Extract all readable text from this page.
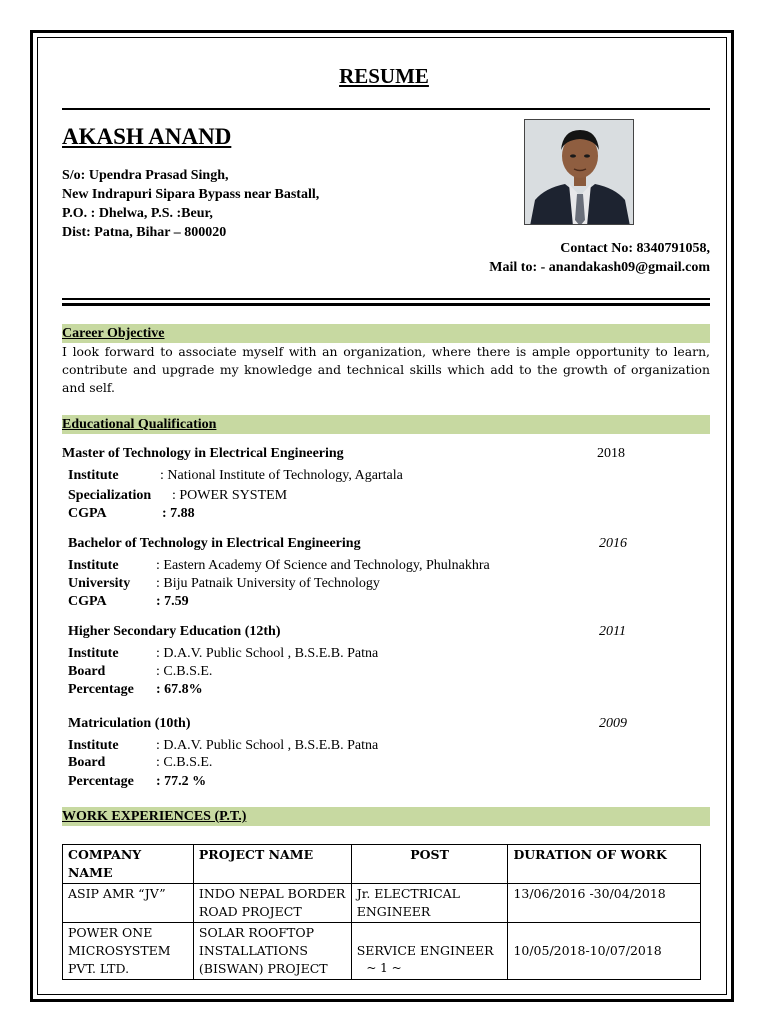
RESUME
AKASH ANAND
S/o: Upendra Prasad Singh,
New Indrapuri Sipara Bypass near Bastall,
P.O. : Dhelwa, P.S. :Beur,
Dist: Patna, Bihar – 800020
Contact No: 8340791058,
Mail to: - anandakash09@gmail.com
Career Objective
I look forward to associate myself with an organization, where there is ample opportunity to learn, contribute and upgrade my knowledge and technical skills which add to the growth of organization and self.
Educational Qualification
Master of Technology in Electrical Engineering	2018
Institute	: National Institute of Technology, Agartala
Specialization : POWER SYSTEM
CGPA	: 7.88
Bachelor of Technology in Electrical Engineering	2016
Institute	: Eastern Academy Of Science and Technology, Phulnakhra
University : Biju Patnaik University of Technology
CGPA	: 7.59
Higher Secondary Education (12th)	2011
Institute	: D.A.V. Public School , B.S.E.B. Patna
Board	: C.B.S.E.
Percentage : 67.8%
Matriculation (10th)	2009
Institute	: D.A.V. Public School , B.S.E.B. Patna
Board	: C.B.S.E.
Percentage : 77.2 %
WORK EXPERIENCES (P.T.)
COMPANY NAME	PROJECT NAME	POST	DURATION OF WORK
ASIP AMR “JV”	INDO NEPAL BORDER ROAD PROJECT	Jr. ELECTRICAL ENGINEER	13/06/2016 -30/04/2018
POWER ONE MICROSYSTEM PVT. LTD.	SOLAR ROOFTOP INSTALLATIONS (BISWAN) PROJECT	SERVICE ENGINEER	10/05/2018-10/07/2018
~ 1 ~
